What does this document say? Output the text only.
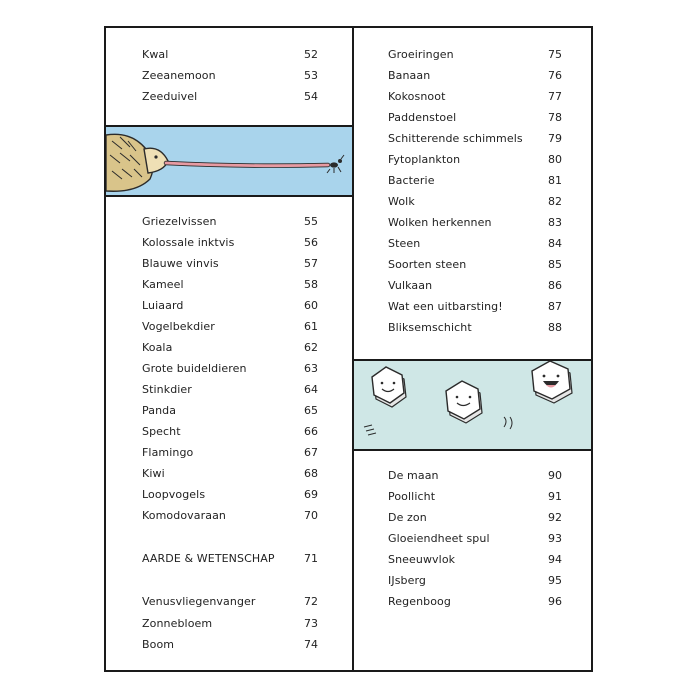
Kwal	52
Zeeanemoon	53
Zeeduivel	54
Griezelvissen	55
Kolossale inktvis	56
Blauwe vinvis	57
Kameel	58
Luiaard	60
Vogelbekdier	61
Koala	62
Grote buideldieren	63
Stinkdier	64
Panda	65
Specht	66
Flamingo	67
Kiwi	68
Loopvogels	69
Komodovaraan	70
AARDE & WETENSCHAP	71
Venusvliegenvanger	72
Zonnebloem	73
Boom	74
Groeiringen	75
Banaan	76
Kokosnoot	77
Paddenstoel	78
Schitterende schimmels 79
Fytoplankton	80
Bacterie	81
Wolk	82
Wolken herkennen	83
Steen	84
Soorten steen	85
Vulkaan	86
Wat een uitbarsting!	87
Bliksemschicht	88
De maan	90
Poollicht	91
De zon	92
Gloeiendheet spul	93
Sneeuwvlok	94
IJsberg	95
Regenboog	96
